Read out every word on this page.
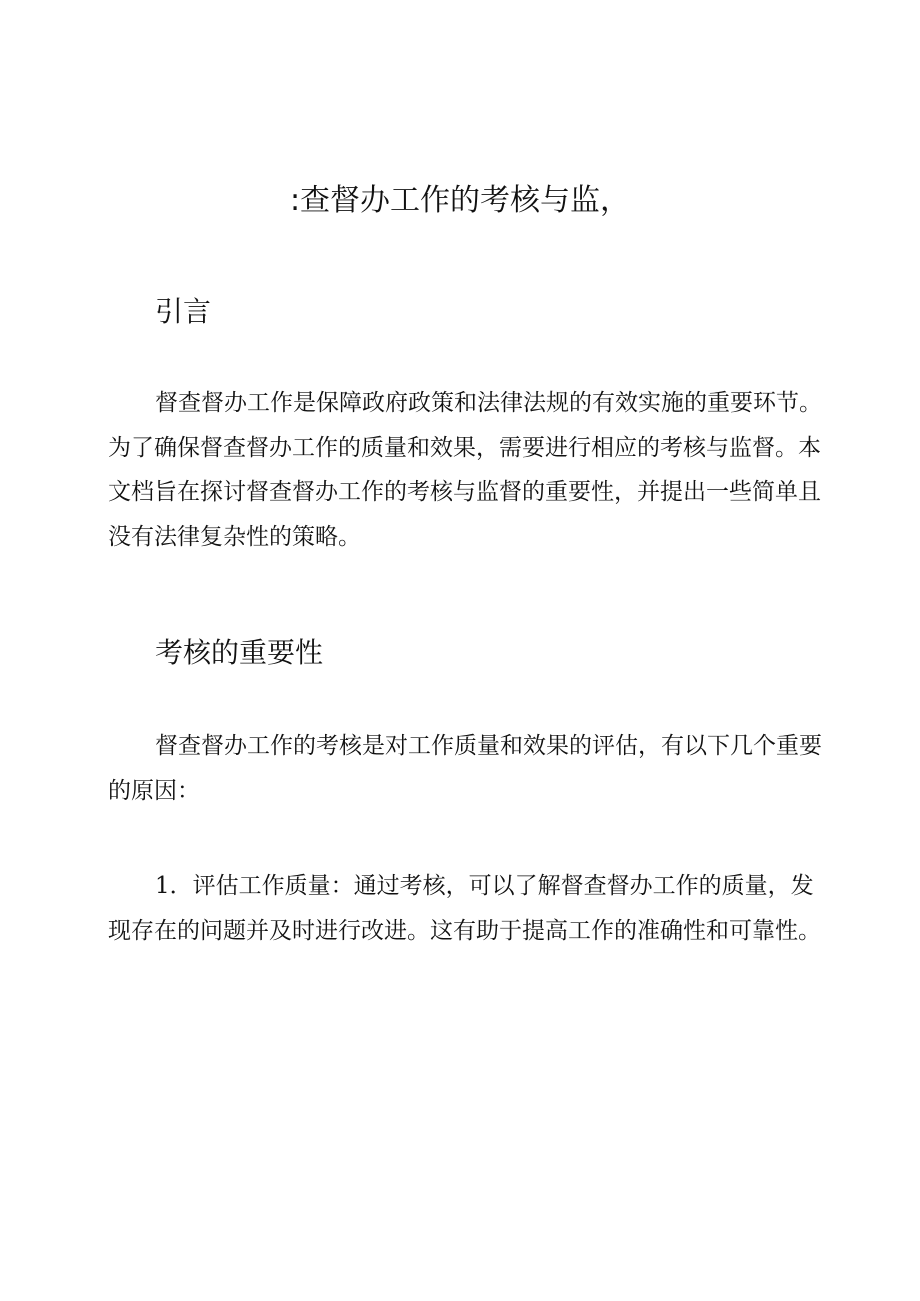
:查督办工作的考核与监，
引言

督查督办工作是保障政府政策和法律法规的有效实施的重要环节。为了确保督查督办工作的质量和效果，需要进行相应的考核与监督。本文档旨在探讨督查督办工作的考核与监督的重要性，并提出一些简单且没有法律复杂性的策略。

考核的重要性

督查督办工作的考核是对工作质量和效果的评估，有以下几个重要的原因：

1．评估工作质量：通过考核，可以了解督查督办工作的质量，发现存在的问题并及时进行改进。这有助于提高工作的准确性和可靠性。
